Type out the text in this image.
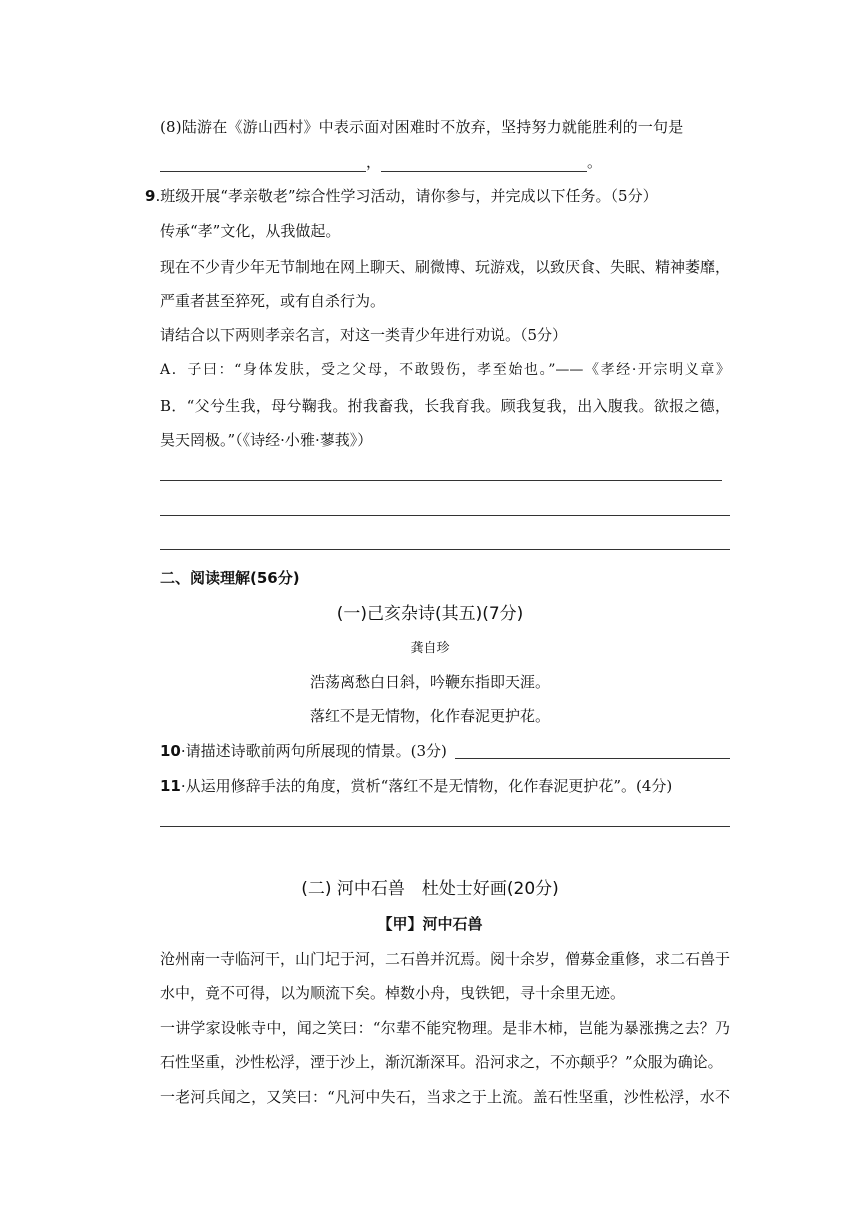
(8)陆游在《游山西村》中表示面对困难时不放弃，坚持努力就能胜利的一句是
，	。
9.班级开展“孝亲敬老”综合性学习活动，请你参与，并完成以下任务。（5分）
传承“孝”文化，从我做起。
现在不少青少年无节制地在网上聊天、刷微博、玩游戏，以致厌食、失眠、精神萎靡，
严重者甚至猝死，或有自杀行为。
请结合以下两则孝亲名言，对这一类青少年进行劝说。（5分）
A．子曰：“身体发肤，受之父母，不敢毁伤，孝至始也。”——《孝经·开宗明义章》
B．“父兮生我，母兮鞠我。拊我畜我，长我育我。顾我复我，出入腹我。欲报之德，
昊天罔极。”（《诗经·小雅·蓼莪》）
二、阅读理解(56分)
(一)己亥杂诗(其五)(7分)
龚自珍
浩荡离愁白日斜，吟鞭东指即天涯。
落红不是无情物，化作春泥更护花。
10·请描述诗歌前两句所展现的情景。(3分)
11·从运用修辞手法的角度，赏析“落红不是无情物，化作春泥更护花”。(4分)
(二) 河中石兽　杜处士好画(20分)
【甲】河中石兽
沧州南一寺临河干，山门圮于河，二石兽并沉焉。阅十余岁，僧募金重修，求二石兽于
水中，竟不可得，以为顺流下矣。棹数小舟，曳铁钯，寻十余里无迹。
一讲学家设帐寺中，闻之笑曰：“尔辈不能究物理。是非木柿，岂能为暴涨携之去？乃
石性坚重，沙性松浮，湮于沙上，渐沉渐深耳。沿河求之，不亦颠乎？”众服为确论。
一老河兵闻之，又笑曰：“凡河中失石，当求之于上流。盖石性坚重，沙性松浮，水不
